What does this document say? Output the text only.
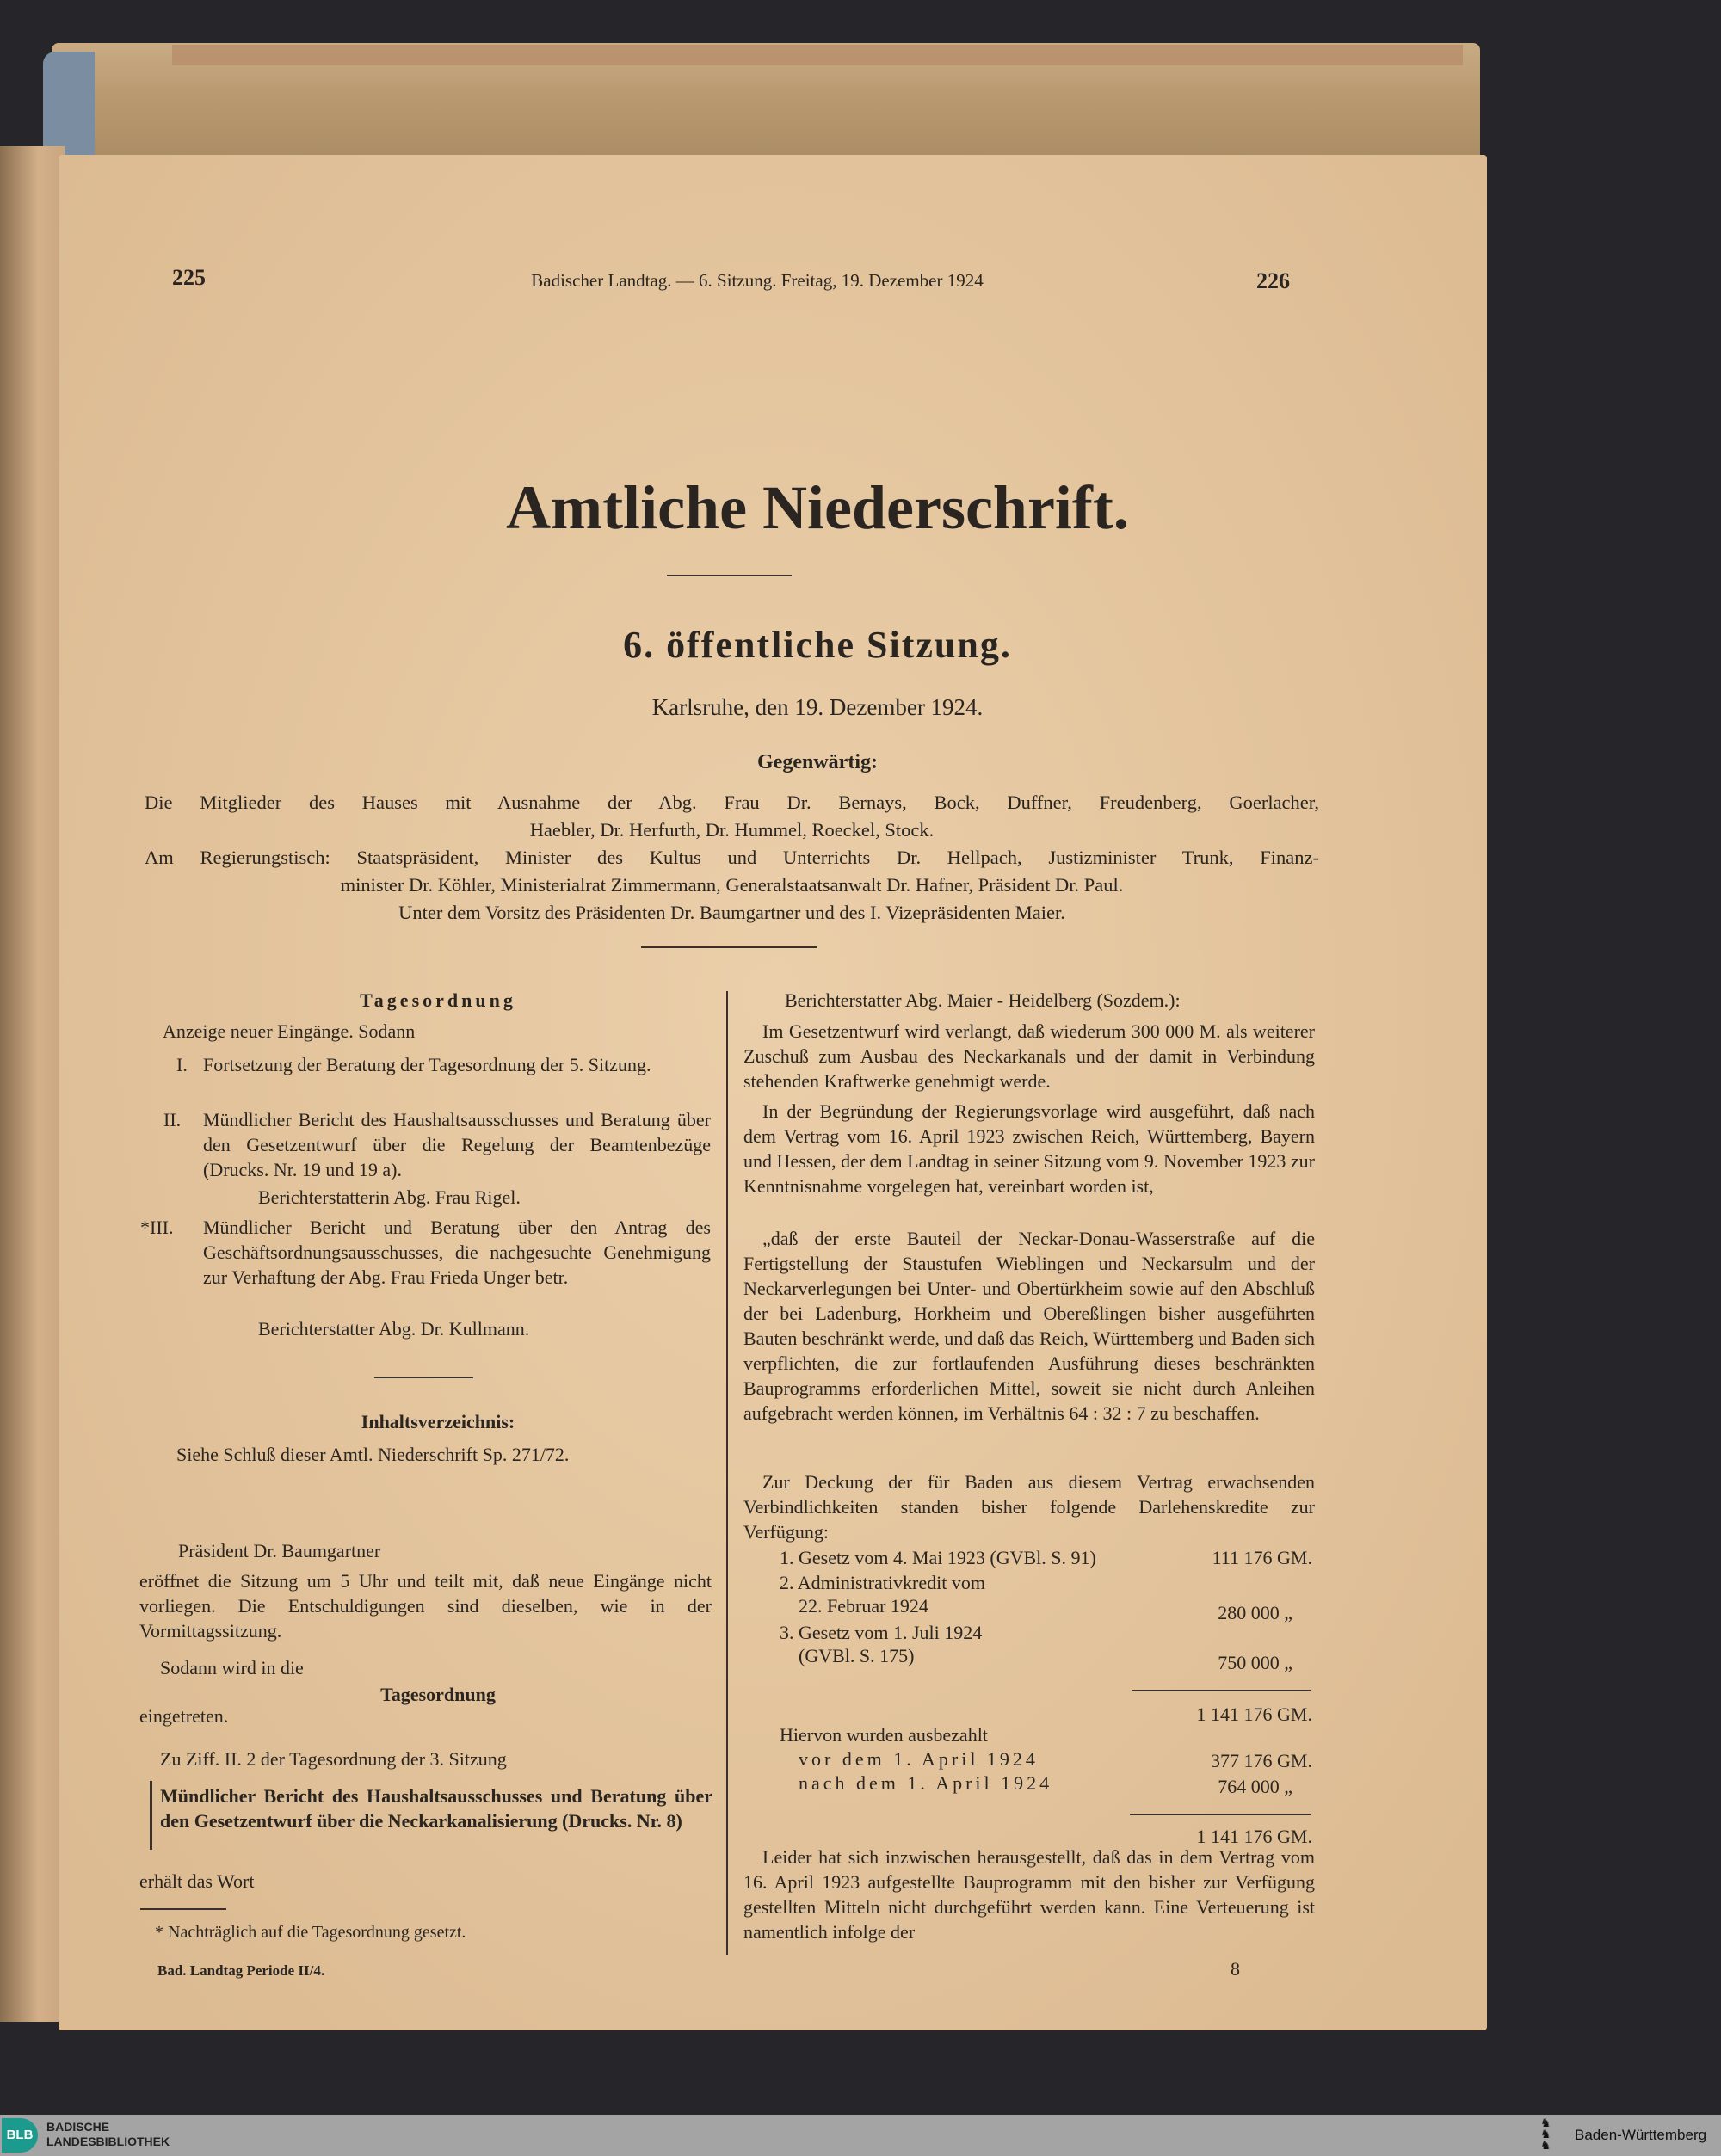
225	Badischer Landtag. — 6. Sitzung. Freitag, 19. Dezember 1924	226
Amtliche Niederschrift.
6. öffentliche Sitzung.
Karlsruhe, den 19. Dezember 1924.
Gegenwärtig:
Die Mitglieder des Hauses mit Ausnahme der Abg. Frau Dr. Bernays, Bock, Duffner, Freudenberg, Goerlacher,
Haebler, Dr. Herfurth, Dr. Hummel, Roeckel, Stock.
Am Regierungstisch: Staatspräsident, Minister des Kultus und Unterrichts Dr. Hellpach, Justizminister Trunk, Finanz-
minister Dr. Köhler, Ministerialrat Zimmermann, Generalstaatsanwalt Dr. Hafner, Präsident Dr. Paul.
Unter dem Vorsitz des Präsidenten Dr. Baumgartner und des I. Vizepräsidenten Maier.
Tagesordnung
Anzeige neuer Eingänge. Sodann
I. Fortsetzung der Beratung der Tagesordnung der 5. Sitzung.
II. Mündlicher Bericht des Haushaltsausschusses und Beratung über den Gesetzentwurf über die Regelung der Beamtenbezüge (Drucks. Nr. 19 und 19 a).
Berichterstatterin Abg. Frau Rigel.
*III. Mündlicher Bericht und Beratung über den Antrag des Geschäftsordnungsausschusses, die nachgesuchte Genehmigung zur Verhaftung der Abg. Frau Frieda Unger betr.
Berichterstatter Abg. Dr. Kullmann.
Inhaltsverzeichnis:
Siehe Schluß dieser Amtl. Niederschrift Sp. 271/72.
Präsident Dr. Baumgartner
eröffnet die Sitzung um 5 Uhr und teilt mit, daß neue Eingänge nicht vorliegen. Die Entschuldigungen sind dieselben, wie in der Vormittagssitzung.
Sodann wird in die
Tagesordnung
eingetreten.
Zu Ziff. II. 2 der Tagesordnung der 3. Sitzung
Mündlicher Bericht des Haushaltsausschusses und Beratung über den Gesetzentwurf über die Neckarkanalisierung (Drucks. Nr. 8)
erhält das Wort
* Nachträglich auf die Tagesordnung gesetzt.
Bad. Landtag Periode II/4.
Berichterstatter Abg. Maier - Heidelberg (Sozdem.):
Im Gesetzentwurf wird verlangt, daß wiederum 300 000 M. als weiterer Zuschuß zum Ausbau des Neckarkanals und der damit in Verbindung stehenden Kraftwerke genehmigt werde.
In der Begründung der Regierungsvorlage wird ausgeführt, daß nach dem Vertrag vom 16. April 1923 zwischen Reich, Württemberg, Bayern und Hessen, der dem Landtag in seiner Sitzung vom 9. November 1923 zur Kenntnisnahme vorgelegen hat, vereinbart worden ist,
„daß der erste Bauteil der Neckar-Donau-Wasserstraße auf die Fertigstellung der Staustufen Wieblingen und Neckarsulm und der Neckarverlegungen bei Unter- und Obertürkheim sowie auf den Abschluß der bei Ladenburg, Horkheim und Oberеßlingen bisher ausgeführten Bauten beschränkt werde, und daß das Reich, Württemberg und Baden sich verpflichten, die zur fortlaufenden Ausführung dieses beschränkten Bauprogramms erforderlichen Mittel, soweit sie nicht durch Anleihen aufgebracht werden können, im Verhältnis 64 : 32 : 7 zu beschaffen.
Zur Deckung der für Baden aus diesem Vertrag erwachsenden Verbindlichkeiten standen bisher folgende Darlehenskredite zur Verfügung:
1. Gesetz vom 4. Mai 1923 (GVBl. S. 91)	111 176 GM.
2. Administrativkredit vom
22. Februar 1924	280 000 „
3. Gesetz vom 1. Juli 1924
(GVBl. S. 175)	750 000 „
1 141 176 GM.
Hiervon wurden ausbezahlt
vor dem 1. April 1924	377 176 GM.
nach dem 1. April 1924	764 000 „
1 141 176 GM.
Leider hat sich inzwischen herausgestellt, daß das in dem Vertrag vom 16. April 1923 aufgestellte Bauprogramm mit den bisher zur Verfügung gestellten Mitteln nicht durchgeführt werden kann. Eine Verteuerung ist namentlich infolge der
8
BLB
BADISCHE
LANDESBIBLIOTHEK
♞
♞
♞
Baden-Württemberg
